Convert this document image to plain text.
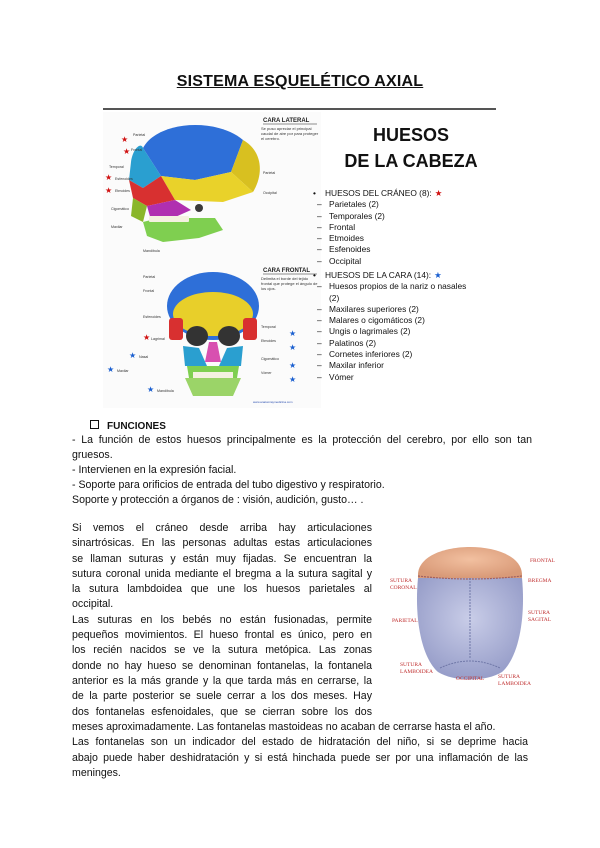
SISTEMA ESQUELÉTICO AXIAL
CARA LATERAL
Se puso apreciar el principal caudal de aire por para proteger el cerebro.
★
★
★
★
Parietal
Frontal
Temporal
Esfenoides
Etmoides
Cigomático
Maxilar
Mandíbula
Occipital
Parietal
CARA FRONTAL
Delimita el borde del tejido frontal que protege el ángulo de los ojos.
★	★
★
★
★
★
★
★
Parietal
Frontal
Esfenoides
Temporal
Etmoides
Lagrimal
Nasal	Cigomático
Vómer
Maxilar
Mandíbula
www.anatomiaymedicina.com
HUESOS
DE LA CABEZA
•	HUESOS DEL CRÁNEO (8): ★
– Parietales (2)
– Temporales (2)
– Frontal
– Etmoides
– Esfenoides
– Occipital
•	HUESOS DE LA CARA (14): ★
– Huesos propios de la nariz o nasales (2)
– Maxilares superiores (2)
– Malares o cigomáticos (2)
– Ungis o lagrimales (2)
– Palatinos (2)
– Cornetes inferiores (2)
– Maxilar inferior
– Vómer
FUNCIONES
- La función de estos huesos principalmente es la protección del cerebro, por ello son tan
gruesos.
- Intervienen en la expresión facial.
- Soporte para orificios de entrada del tubo digestivo y respiratorio.
Soporte y protección a órganos de : visión, audición, gusto… .
Si vemos el cráneo desde arriba hay articulaciones
sinartrósicas. En las personas adultas estas articulaciones
se llaman suturas y están muy fijadas. Se encuentran la
sutura coronal unida mediante el bregma a la sutura sagital y
la sutura lambdoidea que une los huesos parietales al
occipital.
Las suturas en los bebés no están fusionadas, permite
pequeños movimientos. El hueso frontal es único, pero en
los recién nacidos se ve la sutura metópica. Las zonas
donde no hay hueso se denominan fontanelas, la fontanela
anterior es la más grande y la que tarda más en cerrarse, la
de la parte posterior se suele cerrar a los dos meses. Hay
dos fontanelas esfenoidales, que se cierran sobre los dos
meses aproximadamente. Las fontanelas mastoideas no acaban de cerrarse hasta el año.
Las fontanelas son un indicador del estado de hidratación del niño, si se deprime hacia
abajo puede haber deshidratación y si está hinchada puede ser por una inflamación de las
meninges.
FRONTAL
SUTURA
CORONAL
BREGMA
SUTURA
SAGITAL
PARIETAL
SUTURA
LAMBOIDEA
OCCIPITAL SUTURA
LAMBOIDEA
